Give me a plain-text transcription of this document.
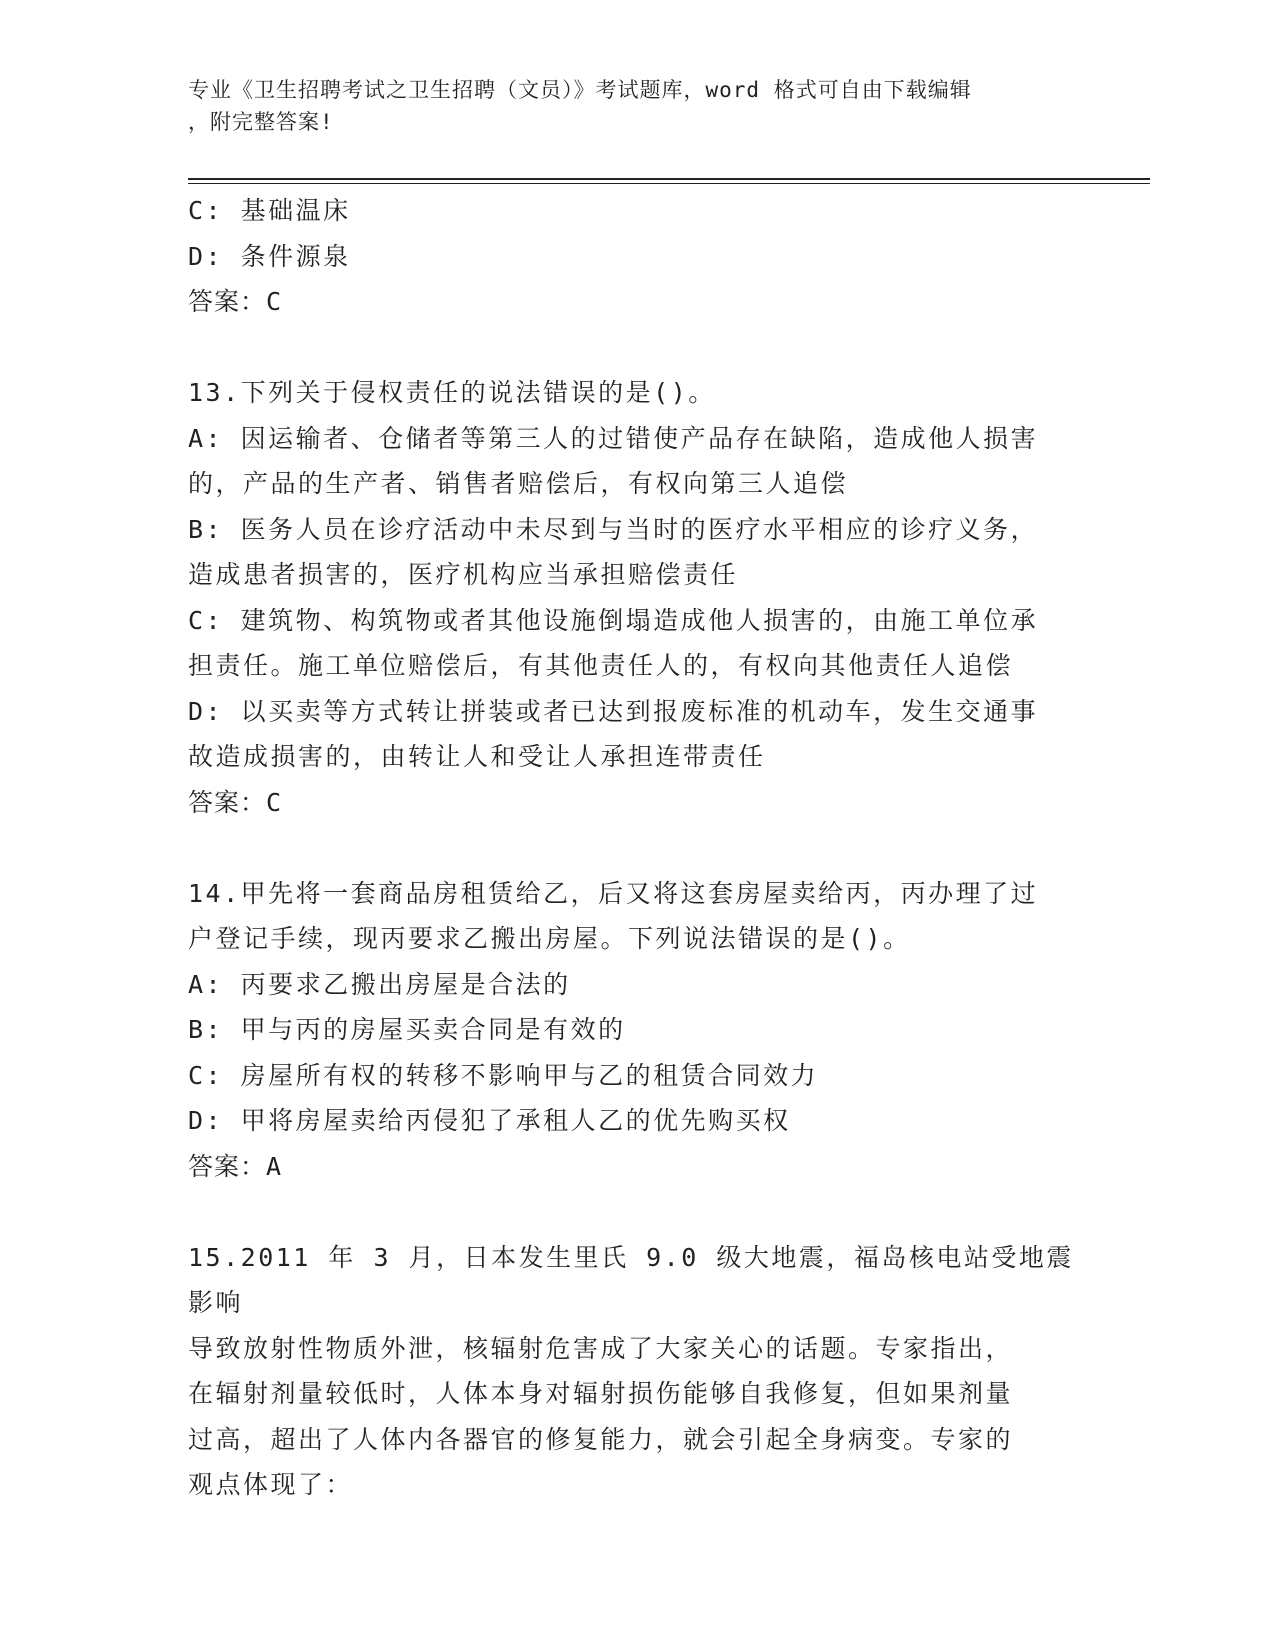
专业《卫生招聘考试之卫生招聘（文员）》考试题库，word 格式可自由下载编辑
，附完整答案!
C: 基础温床
D: 条件源泉
答案：C
13.下列关于侵权责任的说法错误的是()。
A: 因运输者、仓储者等第三人的过错使产品存在缺陷，造成他人损害
的，产品的生产者、销售者赔偿后，有权向第三人追偿
B: 医务人员在诊疗活动中未尽到与当时的医疗水平相应的诊疗义务，
造成患者损害的，医疗机构应当承担赔偿责任
C: 建筑物、构筑物或者其他设施倒塌造成他人损害的，由施工单位承
担责任。施工单位赔偿后，有其他责任人的，有权向其他责任人追偿
D: 以买卖等方式转让拼装或者已达到报废标准的机动车，发生交通事
故造成损害的，由转让人和受让人承担连带责任
答案：C
14.甲先将一套商品房租赁给乙，后又将这套房屋卖给丙，丙办理了过
户登记手续，现丙要求乙搬出房屋。下列说法错误的是()。
A: 丙要求乙搬出房屋是合法的
B: 甲与丙的房屋买卖合同是有效的
C: 房屋所有权的转移不影响甲与乙的租赁合同效力
D: 甲将房屋卖给丙侵犯了承租人乙的优先购买权
答案：A
15.2011 年 3 月，日本发生里氏 9.0 级大地震，福岛核电站受地震影响
导致放射性物质外泄，核辐射危害成了大家关心的话题。专家指出，
在辐射剂量较低时，人体本身对辐射损伤能够自我修复，但如果剂量
过高，超出了人体内各器官的修复能力，就会引起全身病变。专家的
观点体现了：
